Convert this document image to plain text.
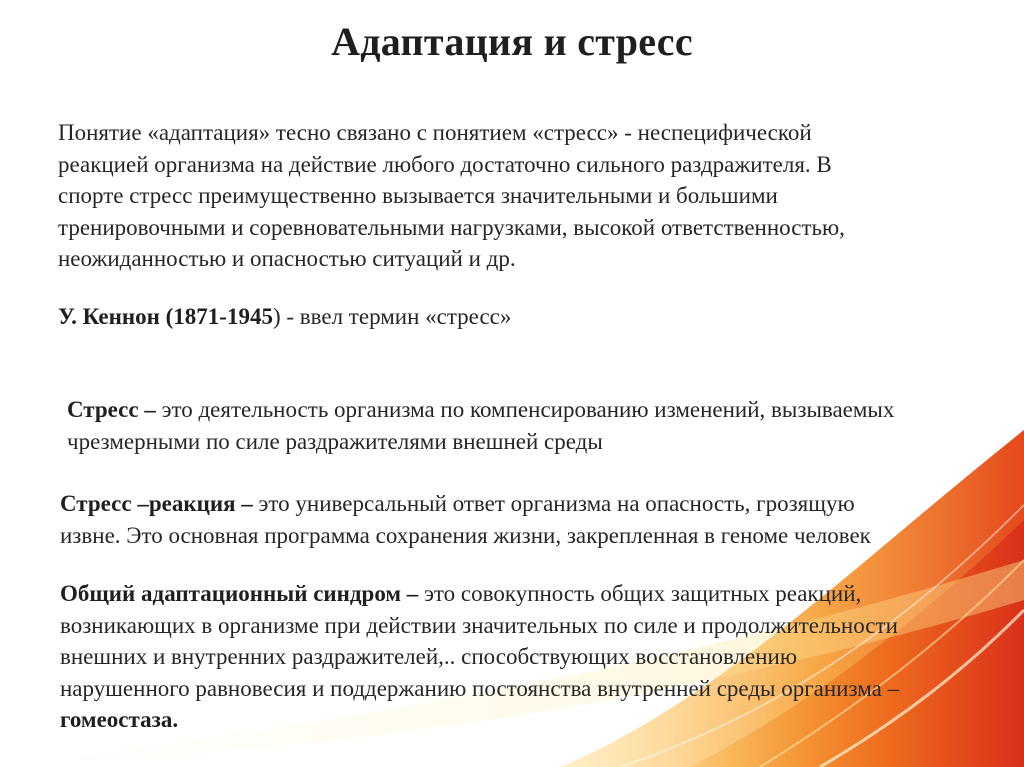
Адаптация и стресс

Понятие «адаптация» тесно связано с понятием «стресс» - неспецифической
реакцией организма на действие любого достаточно сильного раздражителя. В
спорте стресс преимущественно вызывается значительными и большими
тренировочными и соревновательными нагрузками, высокой ответственностью,
неожиданностью и опасностью ситуаций и др.

У. Кеннон (1871-1945) - ввел термин «стресс»

Стресс – это деятельность организма по компенсированию изменений, вызываемых
чрезмерными по силе раздражителями внешней среды

Стресс –реакция – это универсальный ответ организма на опасность, грозящую
извне. Это основная программа сохранения жизни, закрепленная в геноме человек

Общий адаптационный синдром – это совокупность общих защитных реакций,
возникающих в организме при действии значительных по силе и продолжительности
внешних и внутренних раздражителей,.. способствующих восстановлению
нарушенного равновесия и поддержанию постоянства внутренней среды организма –
гомеостаза.
